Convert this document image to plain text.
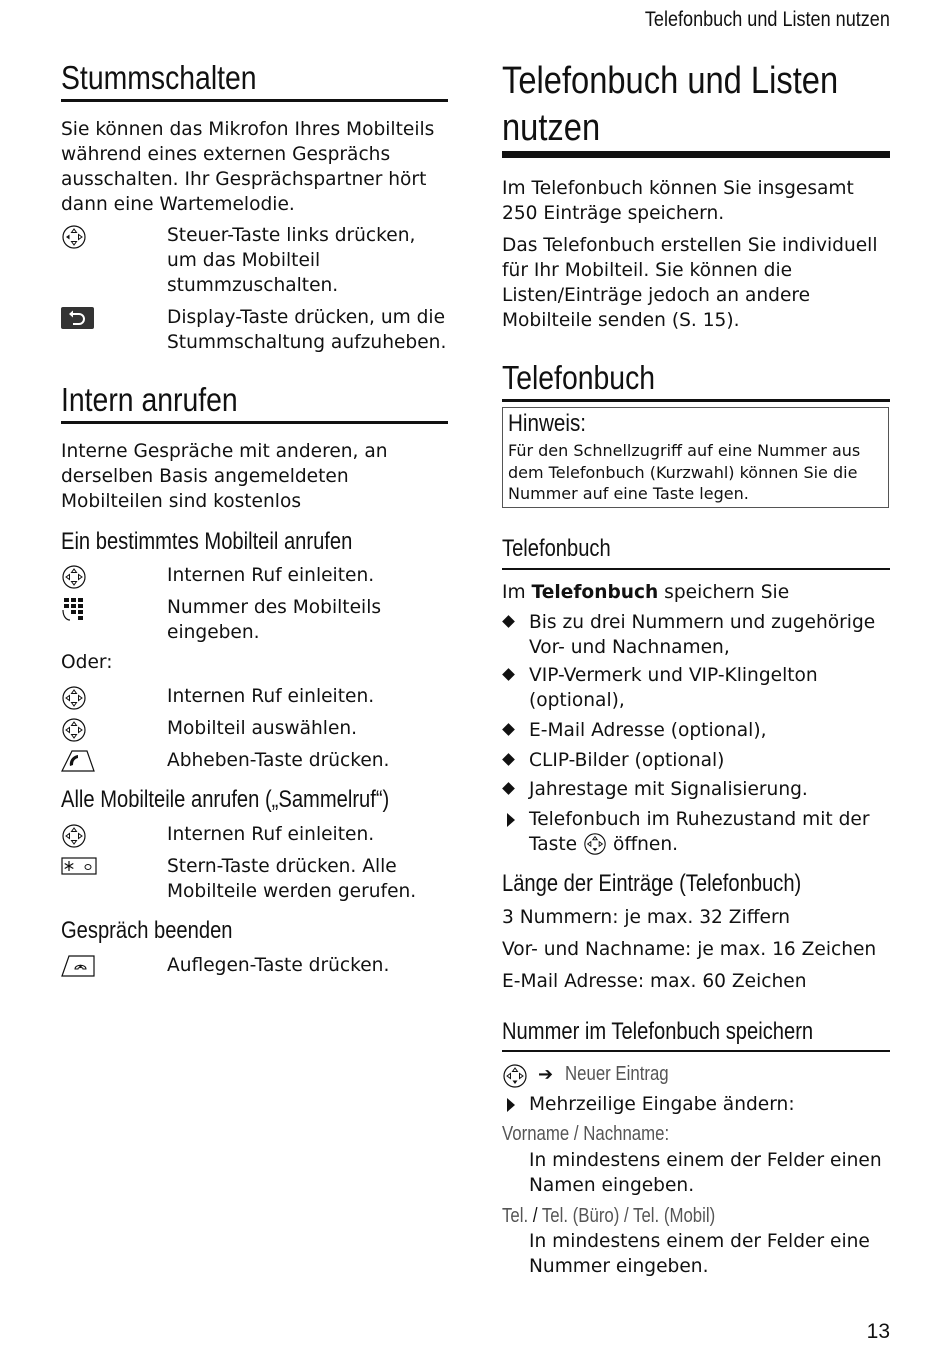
Telefonbuch und Listen nutzen
13
Stummschalten
Sie können das Mikrofon Ihres Mobilteils während eines externen Gesprächs ausschalten. Ihr Gesprächspartner hört dann eine Wartemelodie.
Steuer-Taste links drücken, um das Mobilteil stummzuschalten.
Display-Taste drücken, um die Stummschaltung aufzuheben.
Intern anrufen
Interne Gespräche mit anderen, an derselben Basis angemeldeten Mobilteilen sind kostenlos
Ein bestimmtes Mobilteil anrufen
Internen Ruf einleiten.
Nummer des Mobilteils eingeben.
Oder:
Internen Ruf einleiten.
Mobilteil auswählen.
Abheben-Taste drücken.
Alle Mobilteile anrufen („Sammelruf“)
Internen Ruf einleiten.
Stern-Taste drücken. Alle Mobilteile werden gerufen.
Gespräch beenden
Auflegen-Taste drücken.
Telefonbuch und Listen
nutzen
Im Telefonbuch können Sie insgesamt 250 Einträge speichern.
Das Telefonbuch erstellen Sie individuell für Ihr Mobilteil. Sie können die Listen/Einträge jedoch an andere Mobilteile senden (S. 15).
Telefonbuch
Hinweis:
Für den Schnellzugriff auf eine Nummer aus dem Telefonbuch (Kurzwahl) können Sie die Nummer auf eine Taste legen.
Telefonbuch
Im Telefonbuch speichern Sie
Bis zu drei Nummern und zugehörige Vor- und Nachnamen,
VIP-Vermerk und VIP-Klingelton (optional),
E-Mail Adresse (optional),
CLIP-Bilder (optional)
Jahrestage mit Signalisierung.
Telefonbuch im Ruhezustand mit der Taste öffnen.
Länge der Einträge (Telefonbuch)
3 Nummern: je max. 32 Ziffern
Vor- und Nachname: je max. 16 Zeichen
E-Mail Adresse: max. 60 Zeichen
Nummer im Telefonbuch speichern
➔ Neuer Eintrag
Mehrzeilige Eingabe ändern:
Vorname / Nachname:
In mindestens einem der Felder einen Namen eingeben.
Tel. / Tel. (Büro) / Tel. (Mobil)
In mindestens einem der Felder eine Nummer eingeben.
